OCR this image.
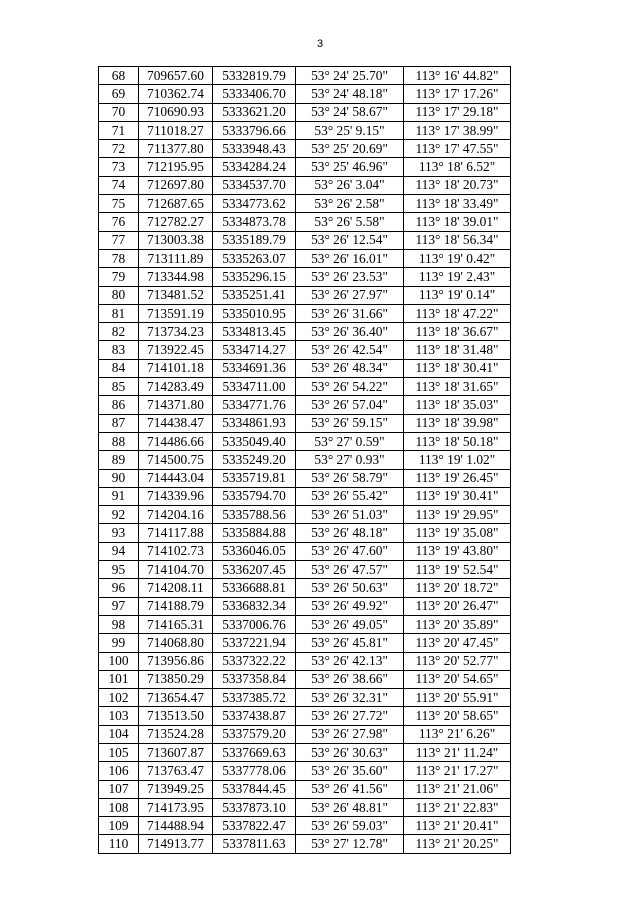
3
68	709657.60	5332819.79	53° 24' 25.70"	113° 16' 44.82"
69	710362.74	5333406.70	53° 24' 48.18"	113° 17' 17.26"
70	710690.93	5333621.20	53° 24' 58.67"	113° 17' 29.18"
71	711018.27	5333796.66	53° 25' 9.15"	113° 17' 38.99"
72	711377.80	5333948.43	53° 25' 20.69"	113° 17' 47.55"
73	712195.95	5334284.24	53° 25' 46.96"	113° 18' 6.52"
74	712697.80	5334537.70	53° 26' 3.04"	113° 18' 20.73"
75	712687.65	5334773.62	53° 26' 2.58"	113° 18' 33.49"
76	712782.27	5334873.78	53° 26' 5.58"	113° 18' 39.01"
77	713003.38	5335189.79	53° 26' 12.54"	113° 18' 56.34"
78	713111.89	5335263.07	53° 26' 16.01"	113° 19' 0.42"
79	713344.98	5335296.15	53° 26' 23.53"	113° 19' 2.43"
80	713481.52	5335251.41	53° 26' 27.97"	113° 19' 0.14"
81	713591.19	5335010.95	53° 26' 31.66"	113° 18' 47.22"
82	713734.23	5334813.45	53° 26' 36.40"	113° 18' 36.67"
83	713922.45	5334714.27	53° 26' 42.54"	113° 18' 31.48"
84	714101.18	5334691.36	53° 26' 48.34"	113° 18' 30.41"
85	714283.49	5334711.00	53° 26' 54.22"	113° 18' 31.65"
86	714371.80	5334771.76	53° 26' 57.04"	113° 18' 35.03"
87	714438.47	5334861.93	53° 26' 59.15"	113° 18' 39.98"
88	714486.66	5335049.40	53° 27' 0.59"	113° 18' 50.18"
89	714500.75	5335249.20	53° 27' 0.93"	113° 19' 1.02"
90	714443.04	5335719.81	53° 26' 58.79"	113° 19' 26.45"
91	714339.96	5335794.70	53° 26' 55.42"	113° 19' 30.41"
92	714204.16	5335788.56	53° 26' 51.03"	113° 19' 29.95"
93	714117.88	5335884.88	53° 26' 48.18"	113° 19' 35.08"
94	714102.73	5336046.05	53° 26' 47.60"	113° 19' 43.80"
95	714104.70	5336207.45	53° 26' 47.57"	113° 19' 52.54"
96	714208.11	5336688.81	53° 26' 50.63"	113° 20' 18.72"
97	714188.79	5336832.34	53° 26' 49.92"	113° 20' 26.47"
98	714165.31	5337006.76	53° 26' 49.05"	113° 20' 35.89"
99	714068.80	5337221.94	53° 26' 45.81"	113° 20' 47.45"
100	713956.86	5337322.22	53° 26' 42.13"	113° 20' 52.77"
101	713850.29	5337358.84	53° 26' 38.66"	113° 20' 54.65"
102	713654.47	5337385.72	53° 26' 32.31"	113° 20' 55.91"
103	713513.50	5337438.87	53° 26' 27.72"	113° 20' 58.65"
104	713524.28	5337579.20	53° 26' 27.98"	113° 21' 6.26"
105	713607.87	5337669.63	53° 26' 30.63"	113° 21' 11.24"
106	713763.47	5337778.06	53° 26' 35.60"	113° 21' 17.27"
107	713949.25	5337844.45	53° 26' 41.56"	113° 21' 21.06"
108	714173.95	5337873.10	53° 26' 48.81"	113° 21' 22.83"
109	714488.94	5337822.47	53° 26' 59.03"	113° 21' 20.41"
110	714913.77	5337811.63	53° 27' 12.78"	113° 21' 20.25"
